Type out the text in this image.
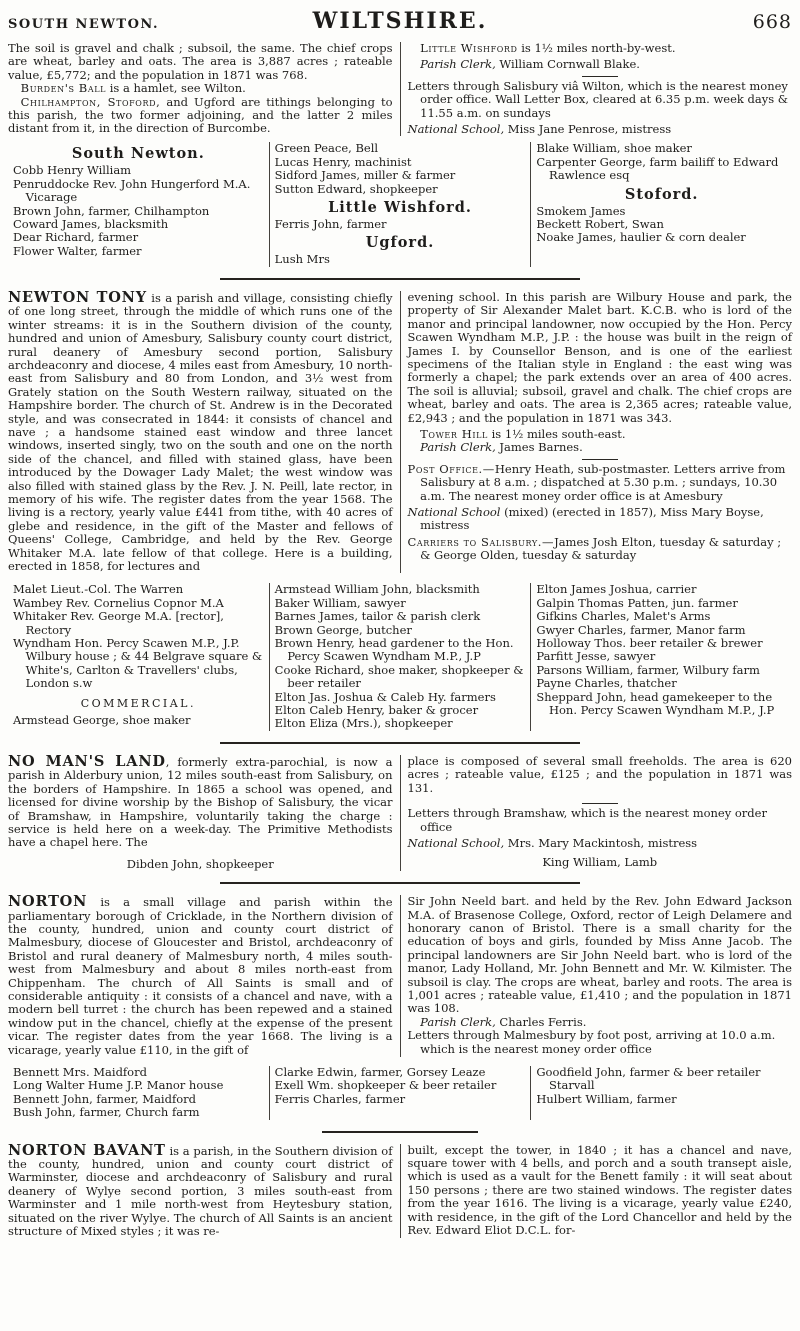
SOUTH NEWTON.	WILTSHIRE.	668

The soil is gravel and chalk ; subsoil, the same. The chief crops are wheat, barley and oats. The area is 3,887 acres ; rateable value, £5,772; and the population in 1871 was 768.

Burden's Ball is a hamlet, see Wilton.

Chilhampton, Stoford, and Ugford are tithings belonging to this parish, the two former adjoining, and the latter 2 miles distant from it, in the direction of Burcombe.

Little Wishford is 1½ miles north-by-west.

Parish Clerk, William Cornwall Blake.

Letters through Salisbury viâ Wilton, which is the nearest money order office. Wall Letter Box, cleared at 6.35 p.m. week days & 11.55 a.m. on sundays

National School, Miss Jane Penrose, mistress

South Newton.

Cobb Henry William

Penruddocke Rev. John Hungerford M.A. Vicarage

Brown John, farmer, Chilhampton

Coward James, blacksmith

Dear Richard, farmer

Flower Walter, farmer

Green Peace, Bell

Lucas Henry, machinist

Sidford James, miller & farmer

Sutton Edward, shopkeeper

Little Wishford.

Ferris John, farmer

Ugford.

Lush Mrs

Blake William, shoe maker

Carpenter George, farm bailiff to Edward Rawlence esq

Stoford.

Smokem James

Beckett Robert, Swan

Noake James, haulier & corn dealer

NEWTON TONY is a parish and village, consisting chiefly of one long street, through the middle of which runs one of the winter streams: it is in the Southern division of the county, hundred and union of Amesbury, Salisbury county court district, rural deanery of Amesbury second portion, Salisbury archdeaconry and diocese, 4 miles east from Amesbury, 10 north-east from Salisbury and 80 from London, and 3½ west from Grately station on the South Western railway, situated on the Hampshire border. The church of St. Andrew is in the Decorated style, and was consecrated in 1844: it consists of chancel and nave ; a handsome stained east window and three lancet windows, inserted singly, two on the south and one on the north side of the chancel, and filled with stained glass, have been introduced by the Dowager Lady Malet; the west window was also filled with stained glass by the Rev. J. N. Peill, late rector, in memory of his wife. The register dates from the year 1568. The living is a rectory, yearly value £441 from tithe, with 40 acres of glebe and residence, in the gift of the Master and fellows of Queens' College, Cambridge, and held by the Rev. George Whitaker M.A. late fellow of that college. Here is a building, erected in 1858, for lectures and

evening school. In this parish are Wilbury House and park, the property of Sir Alexander Malet bart. K.C.B. who is lord of the manor and principal landowner, now occupied by the Hon. Percy Scawen Wyndham M.P., J.P. : the house was built in the reign of James I. by Counsellor Benson, and is one of the earliest specimens of the Italian style in England : the east wing was formerly a chapel; the park extends over an area of 400 acres. The soil is alluvial; subsoil, gravel and chalk. The chief crops are wheat, barley and oats. The area is 2,365 acres; rateable value, £2,943 ; and the population in 1871 was 343.

Tower Hill is 1½ miles south-east.

Parish Clerk, James Barnes.

Post Office.—Henry Heath, sub-postmaster. Letters arrive from Salisbury at 8 a.m. ; dispatched at 5.30 p.m. ; sundays, 10.30 a.m. The nearest money order office is at Amesbury

National School (mixed) (erected in 1857), Miss Mary Boyse, mistress

Carriers to Salisbury.—James Josh Elton, tuesday & saturday ; & George Olden, tuesday & saturday

Malet Lieut.-Col. The Warren

Wambey Rev. Cornelius Copnor M.A

Whitaker Rev. George M.A. [rector], Rectory

Wyndham Hon. Percy Scawen M.P., J.P. Wilbury house ; & 44 Belgrave square & White's, Carlton & Travellers' clubs, London s.w

COMMERCIAL.

Armstead George, shoe maker

Armstead William John, blacksmith

Baker William, sawyer

Barnes James, tailor & parish clerk

Brown George, butcher

Brown Henry, head gardener to the Hon. Percy Scawen Wyndham M.P., J.P

Cooke Richard, shoe maker, shopkeeper & beer retailer

Elton Jas. Joshua & Caleb Hy. farmers

Elton Caleb Henry, baker & grocer

Elton Eliza (Mrs.), shopkeeper

Elton James Joshua, carrier

Galpin Thomas Patten, jun. farmer

Gifkins Charles, Malet's Arms

Gwyer Charles, farmer, Manor farm

Holloway Thos. beer retailer & brewer

Parfitt Jesse, sawyer

Parsons William, farmer, Wilbury farm

Payne Charles, thatcher

Sheppard John, head gamekeeper to the Hon. Percy Scawen Wyndham M.P., J.P

NO MAN'S LAND, formerly extra-parochial, is now a parish in Alderbury union, 12 miles south-east from Salisbury, on the borders of Hampshire. In 1865 a school was opened, and licensed for divine worship by the Bishop of Salisbury, the vicar of Bramshaw, in Hampshire, voluntarily taking the charge : service is held here on a week-day. The Primitive Methodists have a chapel here. The

Dibden John, shopkeeper

place is composed of several small freeholds. The area is 620 acres ; rateable value, £125 ; and the population in 1871 was 131.

Letters through Bramshaw, which is the nearest money order office

National School, Mrs. Mary Mackintosh, mistress

King William, Lamb

NORTON is a small village and parish within the parliamentary borough of Cricklade, in the Northern division of the county, hundred, union and county court district of Malmesbury, diocese of Gloucester and Bristol, archdeaconry of Bristol and rural deanery of Malmesbury north, 4 miles south-west from Malmesbury and about 8 miles north-east from Chippenham. The church of All Saints is small and of considerable antiquity : it consists of a chancel and nave, with a modern bell turret : the church has been repewed and a stained window put in the chancel, chiefly at the expense of the present vicar. The register dates from the year 1668. The living is a vicarage, yearly value £110, in the gift of

Sir John Neeld bart. and held by the Rev. John Edward Jackson M.A. of Brasenose College, Oxford, rector of Leigh Delamere and honorary canon of Bristol. There is a small charity for the education of boys and girls, founded by Miss Anne Jacob. The principal landowners are Sir John Neeld bart. who is lord of the manor, Lady Holland, Mr. John Bennett and Mr. W. Kilmister. The subsoil is clay. The crops are wheat, barley and roots. The area is 1,001 acres ; rateable value, £1,410 ; and the population in 1871 was 108.

Parish Clerk, Charles Ferris.

Letters through Malmesbury by foot post, arriving at 10.0 a.m. which is the nearest money order office

Bennett Mrs. Maidford

Long Walter Hume J.P. Manor house

Bennett John, farmer, Maidford

Bush John, farmer, Church farm

Clarke Edwin, farmer, Gorsey Leaze

Exell Wm. shopkeeper & beer retailer

Ferris Charles, farmer

Goodfield John, farmer & beer retailer Starvall

Hulbert William, farmer

NORTON BAVANT is a parish, in the Southern division of the county, hundred, union and county court district of Warminster, diocese and archdeaconry of Salisbury and rural deanery of Wylye second portion, 3 miles south-east from Warminster and 1 mile north-west from Heytesbury station, situated on the river Wylye. The church of All Saints is an ancient structure of Mixed styles ; it was re-

built, except the tower, in 1840 ; it has a chancel and nave, square tower with 4 bells, and porch and a south transept aisle, which is used as a vault for the Benett family : it will seat about 150 persons ; there are two stained windows. The register dates from the year 1616. The living is a vicarage, yearly value £240, with residence, in the gift of the Lord Chancellor and held by the Rev. Edward Eliot D.C.L. for-
